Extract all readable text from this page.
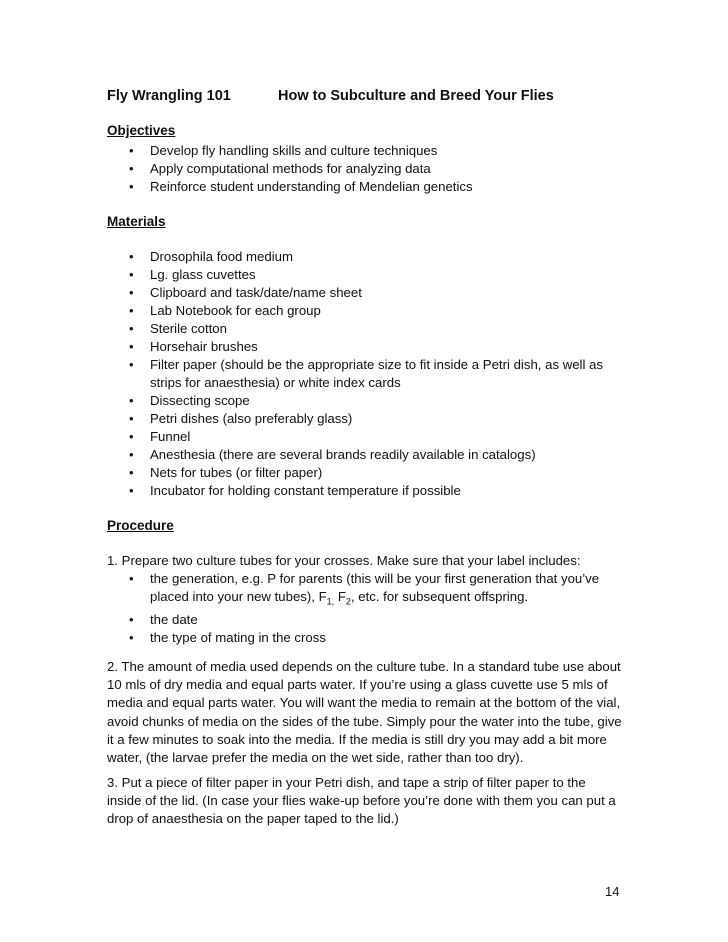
Fly Wrangling 101	How to Subculture and Breed Your Flies
Objectives
• Develop fly handling skills and culture techniques
• Apply computational methods for analyzing data
• Reinforce student understanding of Mendelian genetics
Materials
• Drosophila food medium
• Lg. glass cuvettes
• Clipboard and task/date/name sheet
• Lab Notebook for each group
• Sterile cotton
• Horsehair brushes
• Filter paper (should be the appropriate size to fit inside a Petri dish, as well as strips for anaesthesia) or white index cards
• Dissecting scope
• Petri dishes (also preferably glass)
• Funnel
• Anesthesia (there are several brands readily available in catalogs)
• Nets for tubes (or filter paper)
• Incubator for holding constant temperature if possible
Procedure

1. Prepare two culture tubes for your crosses. Make sure that your label includes:

• the generation, e.g. P for parents (this will be your first generation that you’ve placed into your new tubes), $F_{1,}$ $F_2$, etc. for subsequent offspring.
• the date
• the type of mating in the cross

2. The amount of media used depends on the culture tube. In a standard tube use about 10 mls of dry media and equal parts water. If you’re using a glass cuvette use 5 mls of media and equal parts water. You will want the media to remain at the bottom of the vial, avoid chunks of media on the sides of the tube. Simply pour the water into the tube, give it a few minutes to soak into the media. If the media is still dry you may add a bit more water, (the larvae prefer the media on the wet side, rather than too dry).

3. Put a piece of filter paper in your Petri dish, and tape a strip of filter paper to the inside of the lid. (In case your flies wake-up before you’re done with them you can put a drop of anaesthesia on the paper taped to the lid.)

14
